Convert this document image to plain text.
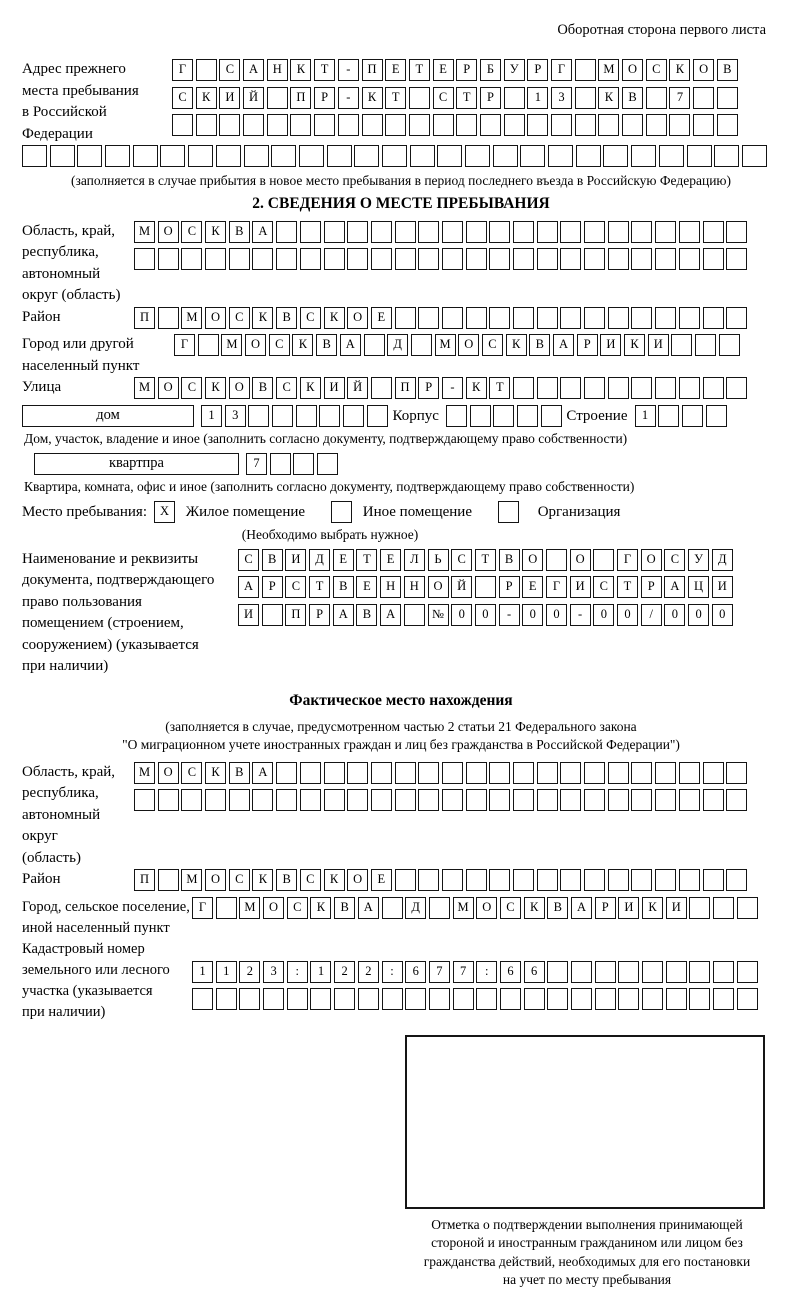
Оборотная сторона первого листа
Адрес прежнего
места пребывания
в Российской
Федерации
Г	С А Н К Т - П Е Т Е Р Б У Р Г	М О С К О В
С К И Й	П Р - К Т	С Т Р	1 3	К В	7
(заполняется в случае прибытия в новое место пребывания в период последнего въезда в Российскую Федерацию)
2. СВЕДЕНИЯ О МЕСТЕ ПРЕБЫВАНИЯ
Область, край,
республика,
автономный
округ (область)
М О С К В А
Район	П	М О С К В С К О Е
Город или другой
населенный пункт
Г	М О С К В А	Д	М О С К В А Р И К И
Улица	М О С К О В С К И Й	П Р - К Т
дом	1 3	Корпус	Строение	1
Дом, участок, владение и иное (заполнить согласно документу, подтверждающему право собственности)
квартпра	7
Квартира, комната, офис и иное (заполнить согласно документу, подтверждающему право собственности)
Место пребывания:	X	Жилое помещение	Иное помещение	Организация
(Необходимо выбрать нужное)
Наименование и реквизиты
документа, подтверждающего
право пользования
помещением (строением,
сооружением) (указывается
при наличии)
С В И Д Е Т Е Л Ь С Т В О	О	Г О С У Д
А Р С Т В Е Н Н О Й	Р Е Г И С Т Р А Ц И
И	П Р А В А	№ 0 0 - 0 0 - 0 0 / 0 0 0
Фактическое место нахождения
(заполняется в случае, предусмотренном частью 2 статьи 21 Федерального закона
"О миграционном учете иностранных граждан и лиц без гражданства в Российской Федерации")
Область, край,
республика,
автономный округ
(область)
М О С К В А
Район	П	М О С К В С К О Е
Город, сельское поселение,
иной населенный пункт
Г	М О С К В А	Д	М О С К В А Р И К И
Кадастровый номер
земельного или лесного
участка (указывается
при наличии)
1 1 2 3 : 1 2 2 : 6 7 7 : 6 6
Отметка о подтверждении выполнения принимающей
стороной и иностранным гражданином или лицом без
гражданства действий, необходимых для его постановки
на учет по месту пребывания
